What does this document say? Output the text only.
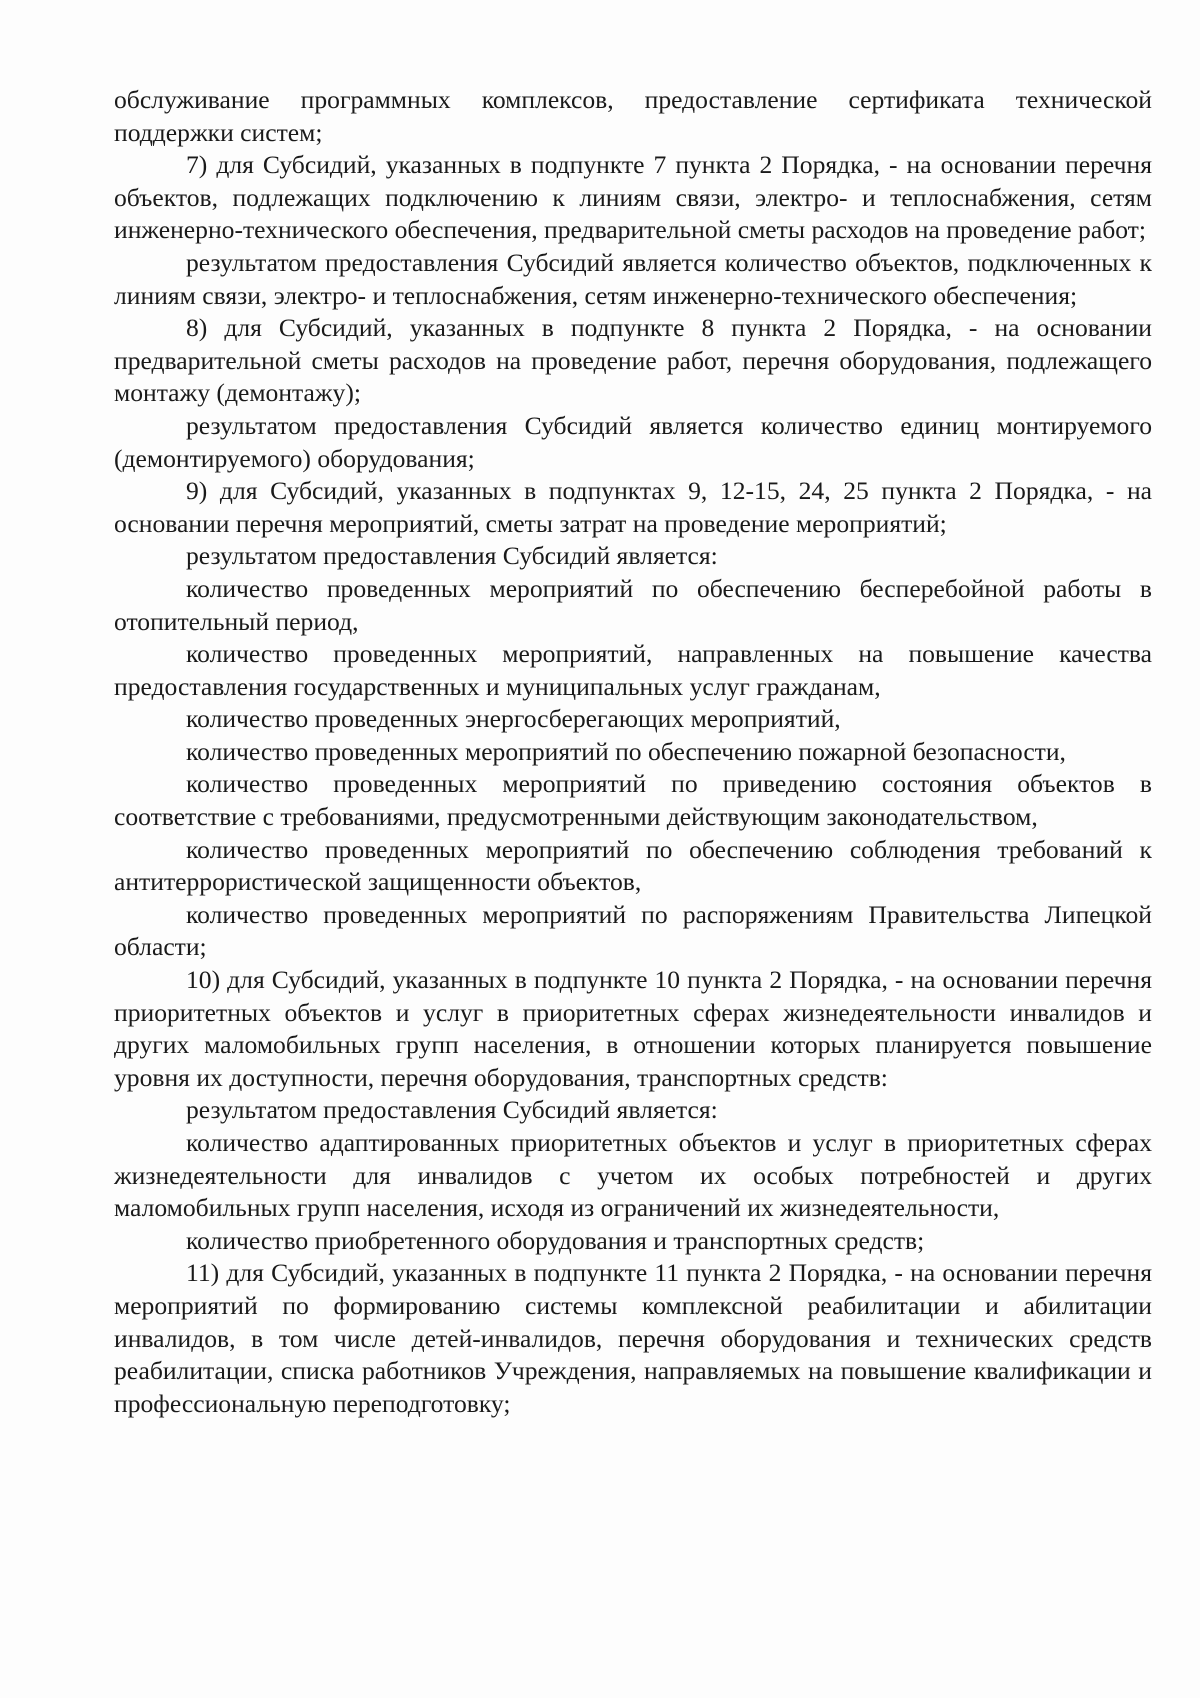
обслуживание программных комплексов, предоставление сертификата технической поддержки систем;

7) для Субсидий, указанных в подпункте 7 пункта 2 Порядка, - на основании перечня объектов, подлежащих подключению к линиям связи, электро- и теплоснабжения, сетям инженерно-технического обеспечения, предварительной сметы расходов на проведение работ;

результатом предоставления Субсидий является количество объектов, подключенных к линиям связи, электро- и теплоснабжения, сетям инженерно-технического обеспечения;

8) для Субсидий, указанных в подпункте 8 пункта 2 Порядка, - на основании предварительной сметы расходов на проведение работ, перечня оборудования, подлежащего монтажу (демонтажу);

результатом предоставления Субсидий является количество единиц монтируемого (демонтируемого) оборудования;

9) для Субсидий, указанных в подпунктах 9, 12-15, 24, 25 пункта 2 Порядка, - на основании перечня мероприятий, сметы затрат на проведение мероприятий;

результатом предоставления Субсидий является:

количество проведенных мероприятий по обеспечению бесперебойной работы в отопительный период,

количество проведенных мероприятий, направленных на повышение качества предоставления государственных и муниципальных услуг гражданам,

количество проведенных энергосберегающих мероприятий,

количество проведенных мероприятий по обеспечению пожарной безопасности,

количество проведенных мероприятий по приведению состояния объектов в соответствие с требованиями, предусмотренными действующим законодательством,

количество проведенных мероприятий по обеспечению соблюдения требований к антитеррористической защищенности объектов,

количество проведенных мероприятий по распоряжениям Правительства Липецкой области;

10) для Субсидий, указанных в подпункте 10 пункта 2 Порядка, - на основании перечня приоритетных объектов и услуг в приоритетных сферах жизнедеятельности инвалидов и других маломобильных групп населения, в отношении которых планируется повышение уровня их доступности, перечня оборудования, транспортных средств:

результатом предоставления Субсидий является:

количество адаптированных приоритетных объектов и услуг в приоритетных сферах жизнедеятельности для инвалидов с учетом их особых потребностей и других маломобильных групп населения, исходя из ограничений их жизнедеятельности,

количество приобретенного оборудования и транспортных средств;

11) для Субсидий, указанных в подпункте 11 пункта 2 Порядка, - на основании перечня мероприятий по формированию системы комплексной реабилитации и абилитации инвалидов, в том числе детей-инвалидов, перечня оборудования и технических средств реабилитации, списка работников Учреждения, направляемых на повышение квалификации и профессиональную переподготовку;
